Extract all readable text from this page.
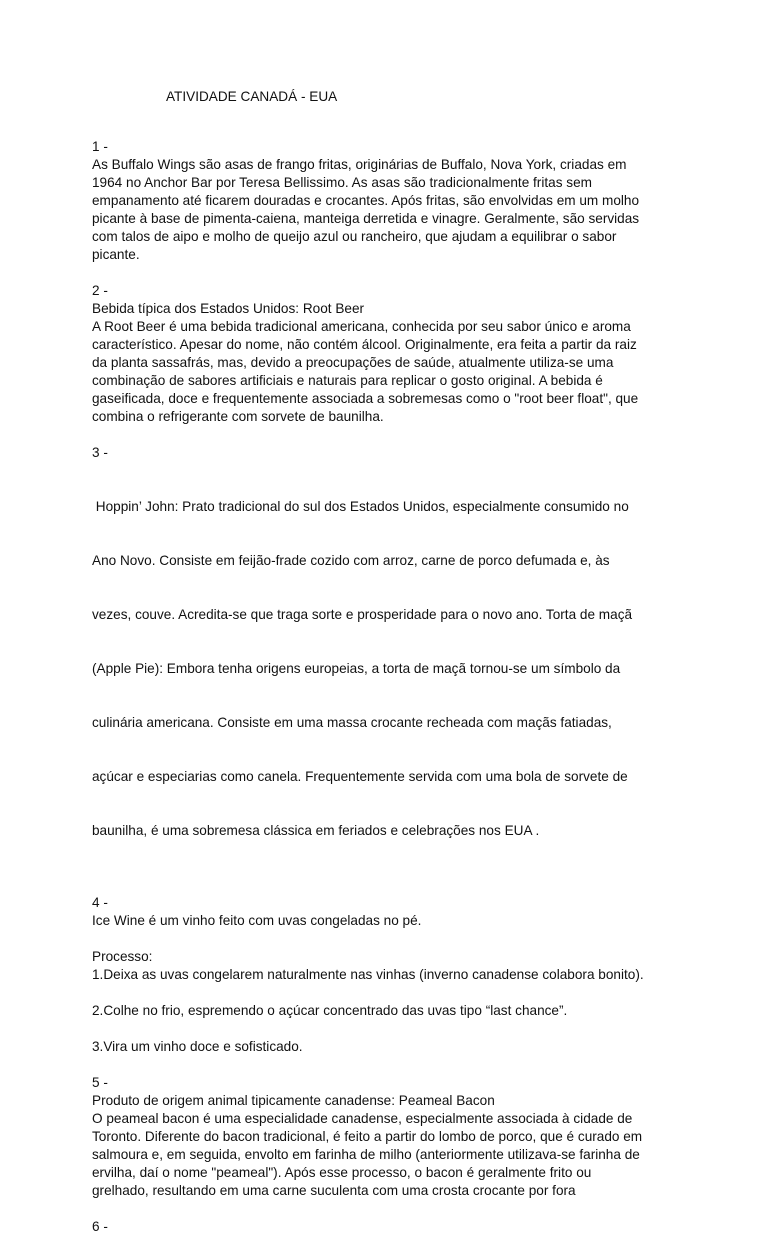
ATIVIDADE CANADÁ - EUA
1 -

As Buffalo Wings são asas de frango fritas, originárias de Buffalo, Nova York, criadas em
1964 no Anchor Bar por Teresa Bellissimo. As asas são tradicionalmente fritas sem
empanamento até ficarem douradas e crocantes. Após fritas, são envolvidas em um molho
picante à base de pimenta-caiena, manteiga derretida e vinagre. Geralmente, são servidas
com talos de aipo e molho de queijo azul ou rancheiro, que ajudam a equilibrar o sabor
picante.

2 -

Bebida típica dos Estados Unidos: Root Beer
A Root Beer é uma bebida tradicional americana, conhecida por seu sabor único e aroma
característico. Apesar do nome, não contém álcool. Originalmente, era feita a partir da raiz
da planta sassafrás, mas, devido a preocupações de saúde, atualmente utiliza-se uma
combinação de sabores artificiais e naturais para replicar o gosto original. A bebida é
gaseificada, doce e frequentemente associada a sobremesas como o "root beer float", que
combina o refrigerante com sorvete de baunilha.

3 -

Hoppin’ John: Prato tradicional do sul dos Estados Unidos, especialmente consumido no

Ano Novo. Consiste em feijão-frade cozido com arroz, carne de porco defumada e, às

vezes, couve. Acredita-se que traga sorte e prosperidade para o novo ano. Torta de maçã

(Apple Pie): Embora tenha origens europeias, a torta de maçã tornou-se um símbolo da

culinária americana. Consiste em uma massa crocante recheada com maçãs fatiadas,

açúcar e especiarias como canela. Frequentemente servida com uma bola de sorvete de

baunilha, é uma sobremesa clássica em feriados e celebrações nos EUA .

4 -
Ice Wine é um vinho feito com uvas congeladas no pé.
Processo:
1.Deixa as uvas congelarem naturalmente nas vinhas (inverno canadense colabora bonito).
2.Colhe no frio, espremendo o açúcar concentrado das uvas tipo “last chance”.
3.Vira um vinho doce e sofisticado.
5 -

Produto de origem animal tipicamente canadense: Peameal Bacon
O peameal bacon é uma especialidade canadense, especialmente associada à cidade de
Toronto. Diferente do bacon tradicional, é feito a partir do lombo de porco, que é curado em
salmoura e, em seguida, envolto em farinha de milho (anteriormente utilizava-se farinha de
ervilha, daí o nome "peameal"). Após esse processo, o bacon é geralmente frito ou
grelhado, resultando em uma carne suculenta com uma crosta crocante por fora

6 -
